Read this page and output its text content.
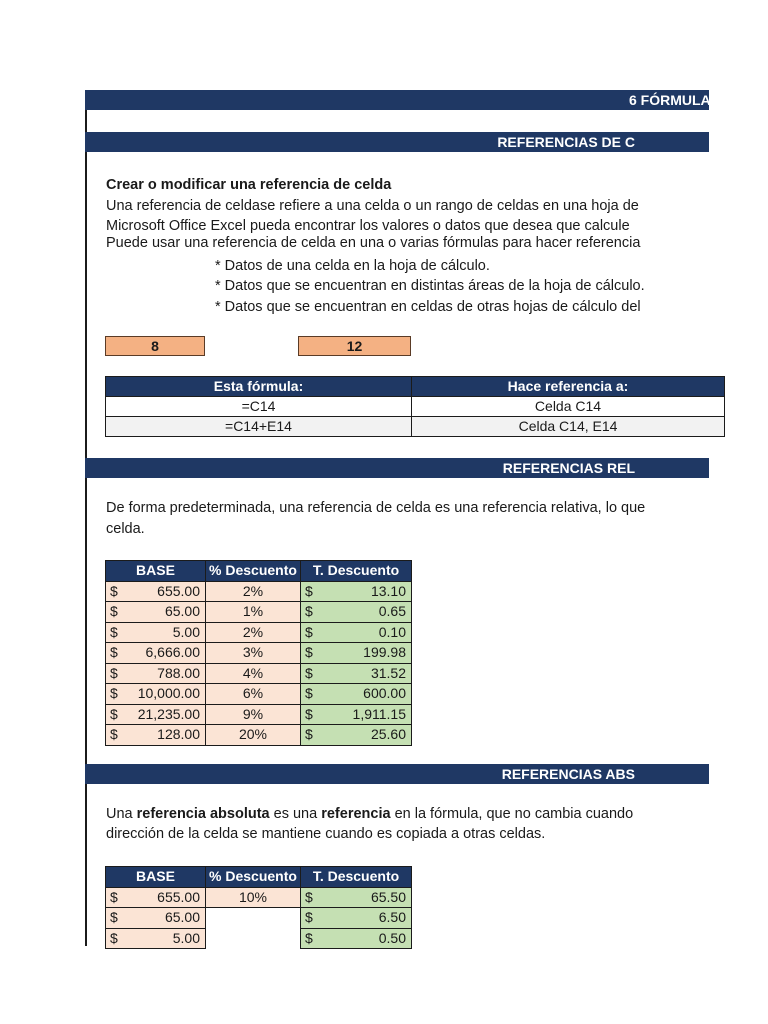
6 FÓRMULAS
REFERENCIAS DE C
Crear o modificar una referencia de celda
Una referencia de celdase refiere a una celda o un rango de celdas en una hoja de
Microsoft Office Excel pueda encontrar los valores o datos que desea que calcule
Puede usar una referencia de celda en una o varias fórmulas para hacer referencia
* Datos de una celda en la hoja de cálculo.
* Datos que se encuentran en distintas áreas de la hoja de cálculo.
* Datos que se encuentran en celdas de otras hojas de cálculo del
8	12
Esta fórmula:	Hace referencia a:
=C14	Celda C14
=C14+E14	Celda C14, E14
REFERENCIAS REL
De forma predeterminada, una referencia de celda es una referencia relativa, lo que
celda.
BASE	% Descuento	T. Descuento

$ 655.00	2%	$ 13.10

$ 65.00	1%	$ 0.65

$ 5.00	2%	$ 0.10

$ 6,666.00	3%	$ 199.98

$ 788.00	4%	$ 31.52

$ 10,000.00	6%	$ 600.00

$ 21,235.00	9%	$ 1,911.15

$ 128.00	20%	$ 25.60
REFERENCIAS ABS
Una referencia absoluta es una referencia en la fórmula, que no cambia cuando
dirección de la celda se mantiene cuando es copiada a otras celdas.
BASE	% Descuento	T. Descuento

$ 655.00	10%	$ 65.50

$ 65.00		$ 6.50

$ 5.00		$ 0.50
